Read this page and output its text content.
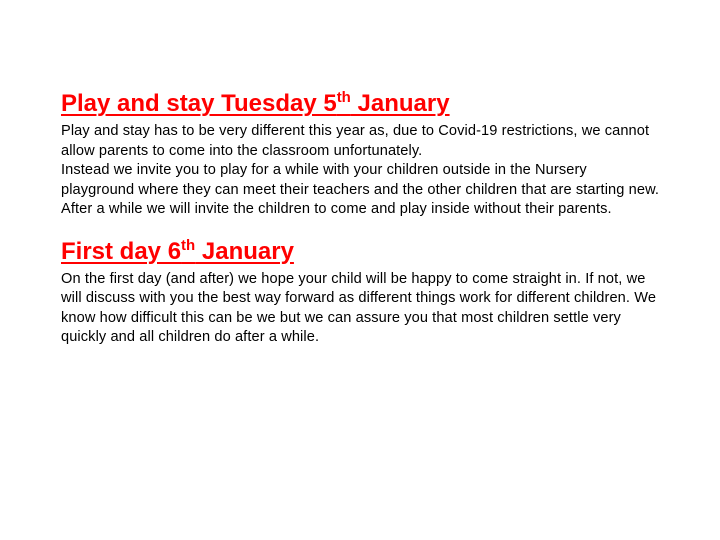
Play and stay Tuesday 5th January
Play and stay has to be very different this year as, due to Covid-19 restrictions, we cannot allow parents to come into the classroom unfortunately.
Instead we invite you to play for a while with your children outside in the Nursery playground where they can meet their teachers and the other children that are starting new. After a while we will invite the children to come and play inside without their parents.
First day 6th January
On the first day (and after) we hope your child will be happy to come straight in. If not, we will discuss with you the best way forward as different things work for different children. We know how difficult this can be we but we can assure you that most children settle very quickly and all children do after a while.
